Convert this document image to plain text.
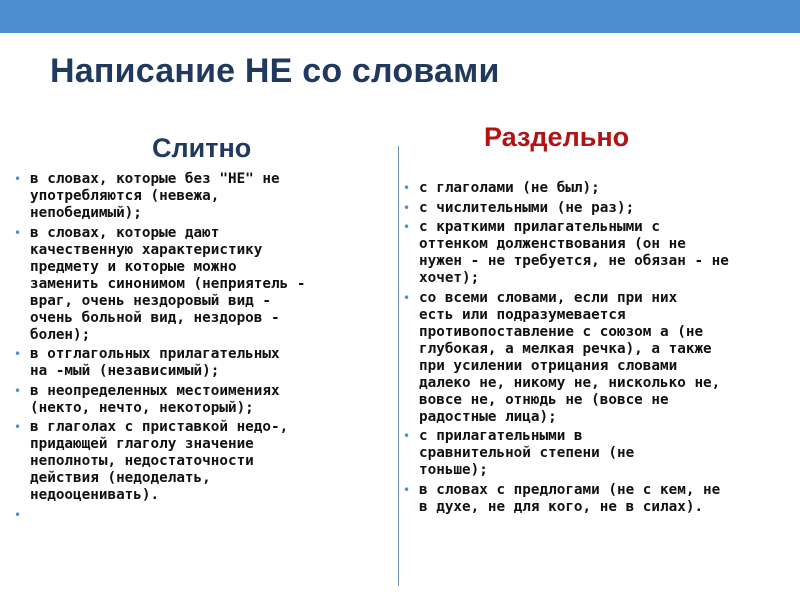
Написание НЕ со словами
Слитно	Раздельно
• в словах, которые без "НЕ" не
употребляются (невежа,
непобедимый);
• в словах, которые дают
качественную характеристику
предмету и которые можно
заменить синонимом (неприятель -
враг, очень нездоровый вид -
очень больной вид, нездоров -
болен);
• в отглагольных прилагательных
на -мый (независимый);
• в неопределенных местоимениях
(некто, нечто, некоторый);
• в глаголах с приставкой недо-,
придающей глаголу значение
неполноты, недостаточности
действия (недоделать,
недооценивать).
•
• с глаголами (не был);
• с числительными (не раз);
• с краткими прилагательными с
оттенком долженствования (он не
нужен - не требуется, не обязан - не
хочет);
• со всеми словами, если при них
есть или подразумевается
противопоставление с союзом а (не
глубокая, а мелкая речка), а также
при усилении отрицания словами
далеко не, никому не, нисколько не,
вовсе не, отнюдь не (вовсе не
радостные лица);
• с прилагательными в
сравнительной степени (не
тоньше);
• в словах с предлогами (не с кем, не
в духе, не для кого, не в силах).
